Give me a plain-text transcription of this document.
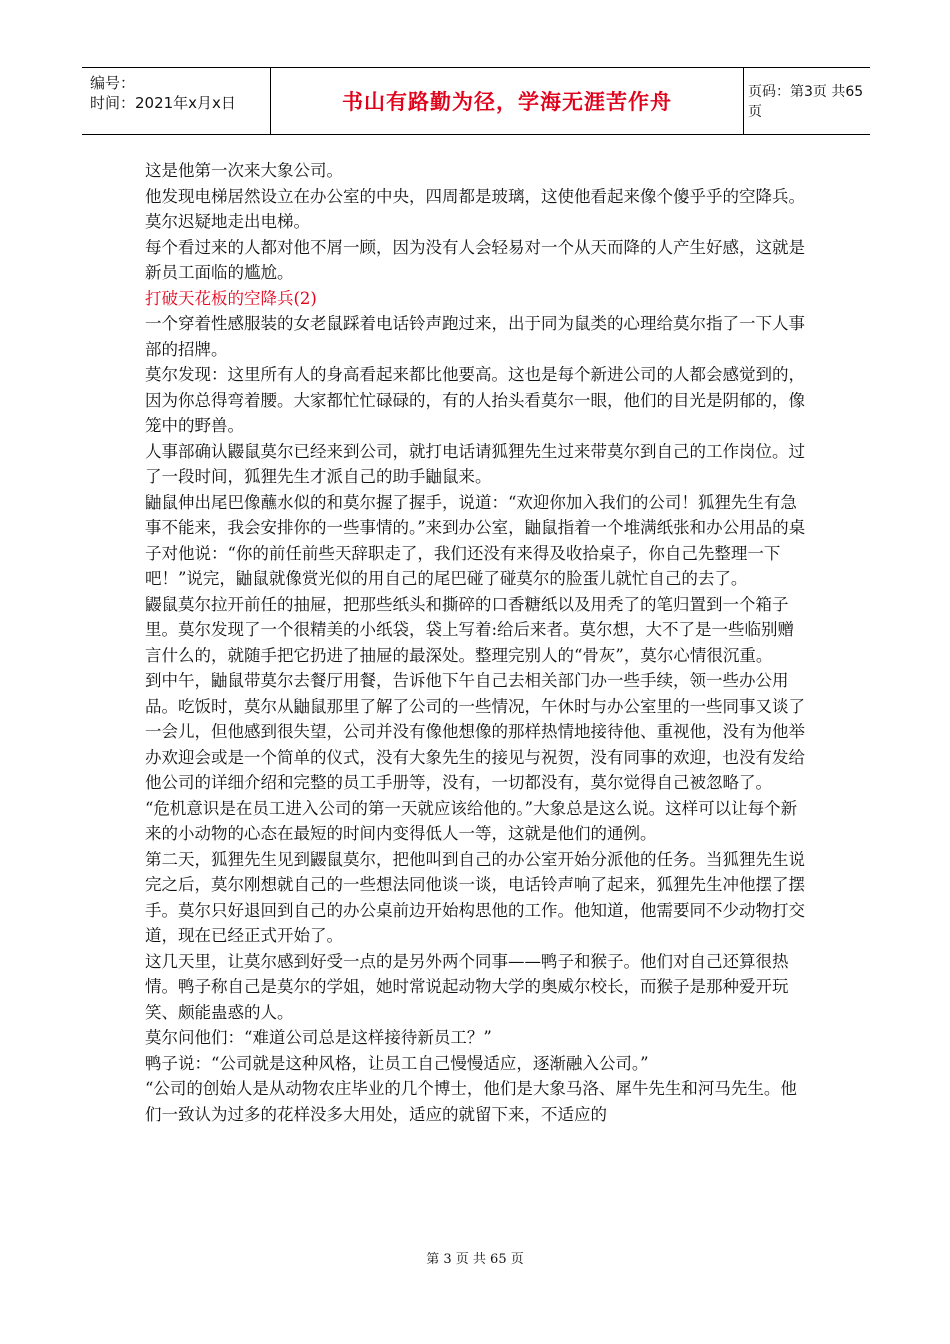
编号：
时间：2021年x月x日	书山有路勤为径，学海无涯苦作舟	页码：第3页 共65页

这是他第一次来大象公司。

他发现电梯居然设立在办公室的中央，四周都是玻璃，这使他看起来像个傻乎乎的空降兵。

莫尔迟疑地走出电梯。

每个看过来的人都对他不屑一顾，因为没有人会轻易对一个从天而降的人产生好感，这就是新员工面临的尴尬。

打破天花板的空降兵(2)

一个穿着性感服装的女老鼠踩着电话铃声跑过来，出于同为鼠类的心理给莫尔指了一下人事部的招牌。

莫尔发现：这里所有人的身高看起来都比他要高。这也是每个新进公司的人都会感觉到的，因为你总得弯着腰。大家都忙忙碌碌的，有的人抬头看莫尔一眼，他们的目光是阴郁的，像笼中的野兽。

人事部确认鼹鼠莫尔已经来到公司，就打电话请狐狸先生过来带莫尔到自己的工作岗位。过了一段时间，狐狸先生才派自己的助手鼬鼠来。

鼬鼠伸出尾巴像蘸水似的和莫尔握了握手，说道：“欢迎你加入我们的公司！狐狸先生有急事不能来，我会安排你的一些事情的。”来到办公室，鼬鼠指着一个堆满纸张和办公用品的桌子对他说：“你的前任前些天辞职走了，我们还没有来得及收拾桌子，你自己先整理一下吧！”说完，鼬鼠就像赏光似的用自己的尾巴碰了碰莫尔的脸蛋儿就忙自己的去了。

鼹鼠莫尔拉开前任的抽屉，把那些纸头和撕碎的口香糖纸以及用秃了的笔归置到一个箱子里。莫尔发现了一个很精美的小纸袋，袋上写着:给后来者。莫尔想，大不了是一些临别赠言什么的，就随手把它扔进了抽屉的最深处。整理完别人的“骨灰”，莫尔心情很沉重。

到中午，鼬鼠带莫尔去餐厅用餐，告诉他下午自己去相关部门办一些手续，领一些办公用品。吃饭时，莫尔从鼬鼠那里了解了公司的一些情况，午休时与办公室里的一些同事又谈了一会儿，但他感到很失望，公司并没有像他想像的那样热情地接待他、重视他，没有为他举办欢迎会或是一个简单的仪式，没有大象先生的接见与祝贺，没有同事的欢迎，也没有发给他公司的详细介绍和完整的员工手册等，没有，一切都没有，莫尔觉得自己被忽略了。

“危机意识是在员工进入公司的第一天就应该给他的。”大象总是这么说。这样可以让每个新来的小动物的心态在最短的时间内变得低人一等，这就是他们的通例。

第二天，狐狸先生见到鼹鼠莫尔，把他叫到自己的办公室开始分派他的任务。当狐狸先生说完之后，莫尔刚想就自己的一些想法同他谈一谈，电话铃声响了起来，狐狸先生冲他摆了摆手。莫尔只好退回到自己的办公桌前边开始构思他的工作。他知道，他需要同不少动物打交道，现在已经正式开始了。

这几天里，让莫尔感到好受一点的是另外两个同事——鸭子和猴子。他们对自己还算很热情。鸭子称自己是莫尔的学姐，她时常说起动物大学的奥威尔校长，而猴子是那种爱开玩笑、颇能蛊惑的人。

莫尔问他们：“难道公司总是这样接待新员工？”

鸭子说：“公司就是这种风格，让员工自己慢慢适应，逐渐融入公司。”

“公司的创始人是从动物农庄毕业的几个博士，他们是大象马洛、犀牛先生和河马先生。他们一致认为过多的花样没多大用处，适应的就留下来，不适应的

第 3 页 共 65 页
